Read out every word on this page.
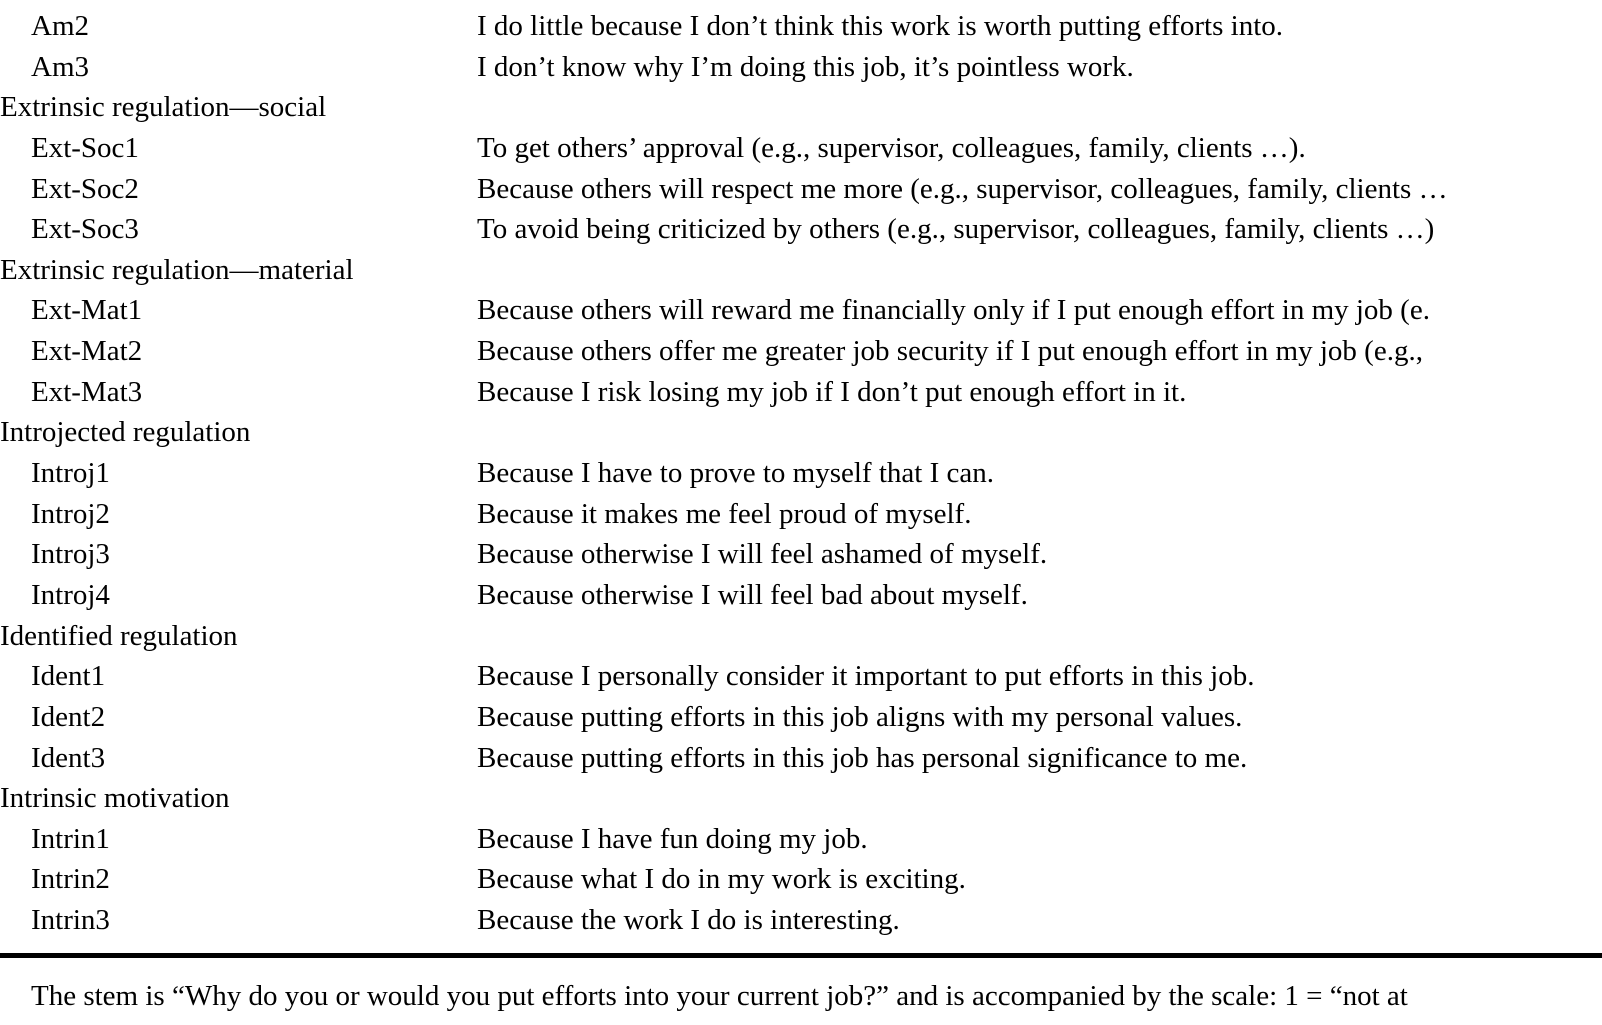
Am2	I do little because I don’t think this work is worth putting efforts into.
Am3	I don’t know why I’m doing this job, it’s pointless work.
Extrinsic regulation—social
Ext-Soc1	To get others’ approval (e.g., supervisor, colleagues, family, clients …).
Ext-Soc2	Because others will respect me more (e.g., supervisor, colleagues, family, clients …
Ext-Soc3	To avoid being criticized by others (e.g., supervisor, colleagues, family, clients …)
Extrinsic regulation—material
Ext-Mat1	Because others will reward me financially only if I put enough effort in my job (e.
Ext-Mat2	Because others offer me greater job security if I put enough effort in my job (e.g.,
Ext-Mat3	Because I risk losing my job if I don’t put enough effort in it.
Introjected regulation
Introj1	Because I have to prove to myself that I can.
Introj2	Because it makes me feel proud of myself.
Introj3	Because otherwise I will feel ashamed of myself.
Introj4	Because otherwise I will feel bad about myself.
Identified regulation
Ident1	Because I personally consider it important to put efforts in this job.
Ident2	Because putting efforts in this job aligns with my personal values.
Ident3	Because putting efforts in this job has personal significance to me.
Intrinsic motivation
Intrin1	Because I have fun doing my job.
Intrin2	Because what I do in my work is exciting.
Intrin3	Because the work I do is interesting.
The stem is “Why do you or would you put efforts into your current job?” and is accompanied by the scale: 1 = “not at
